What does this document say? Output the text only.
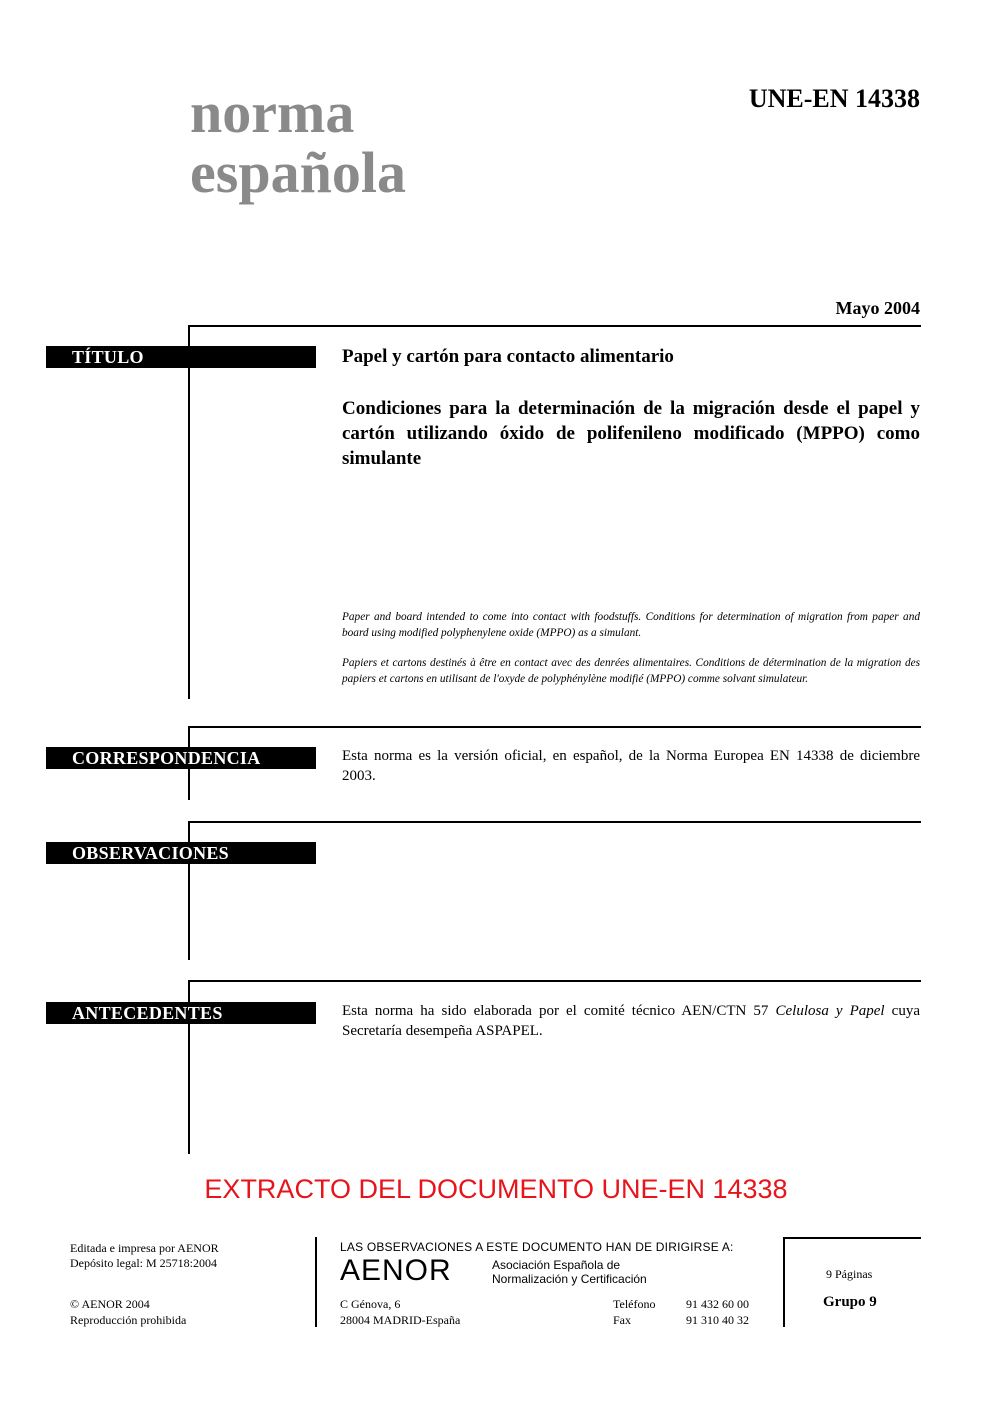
norma
española
UNE-EN 14338
Mayo 2004
TÍTULO	Papel y cartón para contacto alimentario
Condiciones para la determinación de la migración desde el papel y cartón utilizando óxido de polifenileno modificado (MPPO) como simulante
Paper and board intended to come into contact with foodstuffs. Conditions for determination of migration from paper and board using modified polyphenylene oxide (MPPO) as a simulant.
Papiers et cartons destinés à être en contact avec des denrées alimentaires. Conditions de détermination de la migration des papiers et cartons en utilisant de l'oxyde de polyphénylène modifié (MPPO) comme solvant simulateur.
CORRESPONDENCIA	Esta norma es la versión oficial, en español, de la Norma Europea EN 14338 de diciembre 2003.
OBSERVACIONES
ANTECEDENTES	Esta norma ha sido elaborada por el comité técnico AEN/CTN 57 Celulosa y Papel cuya Secretaría desempeña ASPAPEL.
EXTRACTO DEL DOCUMENTO UNE-EN 14338
Editada e impresa por AENOR
Depósito legal: M 25718:2004
© AENOR 2004
Reproducción prohibida
LAS OBSERVACIONES A ESTE DOCUMENTO HAN DE DIRIGIRSE A:
AENOR	Asociación Española de
Normalización y Certificación
C Génova, 6
28004 MADRID-España
Teléfono	91 432 60 00
Fax	91 310 40 32
9 Páginas
Grupo 9
